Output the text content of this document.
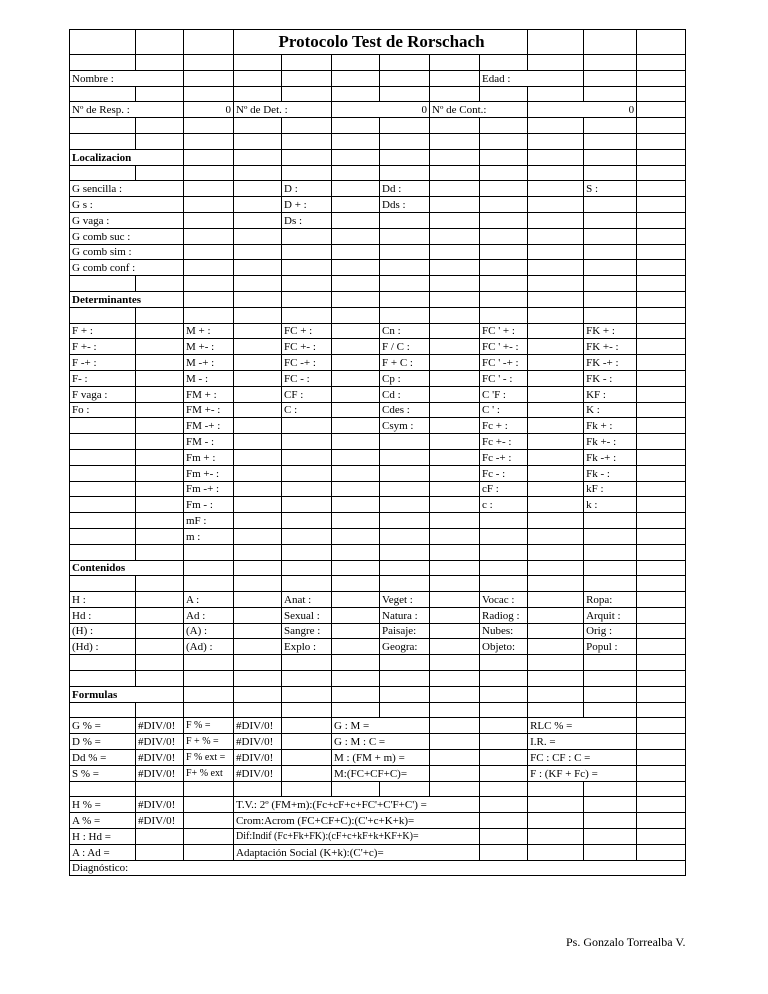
			Protocolo Test de Rorschach								

Nombre :								Edad :			

Nº de Resp. :		0	Nº de Det. :		0		Nº de Cont.:		0		

Localizacion											

G sencilla :				D :		Dd :				S :	
G s :				D + :		Dds :					
G vaga :				Ds :							
G comb suc :											
G comb sim :											
G comb conf :											

Determinantes											

F + :		M + :		FC + :		Cn :		FC ' + :		FK + :	
F +- :		M +- :		FC +- :		F / C :		FC ' +- :		FK +- :	
F -+ :		M -+ :		FC -+ :		F + C :		FC ' -+ :		FK -+ :	
F- :		M - :		FC - :		Cp :		FC ' - :		FK - :	
F vaga :		FM + :		CF :		Cd :		C 'F :		KF :	
Fo :		FM +- :		C :		Cdes :		C ' :		K :	
		FM -+ :				Csym :		Fc + :		Fk + :	
		FM - :						Fc +- :		Fk +- :	
		Fm + :						Fc -+ :		Fk -+ :	
		Fm +- :						Fc - :		Fk - :	
		Fm -+ :						cF :		kF :	
		Fm - :						c :		k :	
		mF :									
		m :									

Contenidos											

H :		A :		Anat :		Veget :		Vocac :		Ropa:	
Hd :		Ad :		Sexual :		Natura :		Radiog :		Arquit :	
(H) :		(A) :		Sangre :		Paisaje:		Nubes:		Orig :	
(Hd) :		(Ad) :		Explo :		Geogra:		Objeto:		Popul :	

Formulas											

G % =	#DIV/0!	F % =	#DIV/0!		G : M =				RLC % =		
D % =	#DIV/0!	F + % =	#DIV/0!		G : M : C =				I.R. =		
Dd % =	#DIV/0!	F % ext =	#DIV/0!		M : (FM + m) =				FC : CF : C =		
S % =	#DIV/0!	F+ % ext	#DIV/0!		M:(FC+CF+C)=				F : (KF + Fc) =		

H % =	#DIV/0!		T.V.: 2º (FM+m):(Fc+cF+c+FC'+C'F+C') =								
A % =	#DIV/0!		Crom:Acrom (FC+CF+C):(C'+c+K+k)=								
H : Hd =			Dif:Indif (Fc+Fk+FK):(cF+c+kF+k+KF+K)=								
A : Ad =			Adaptación Social (K+k):(C'+c)=								
Diagnóstico:											
Ps. Gonzalo Torrealba V.
